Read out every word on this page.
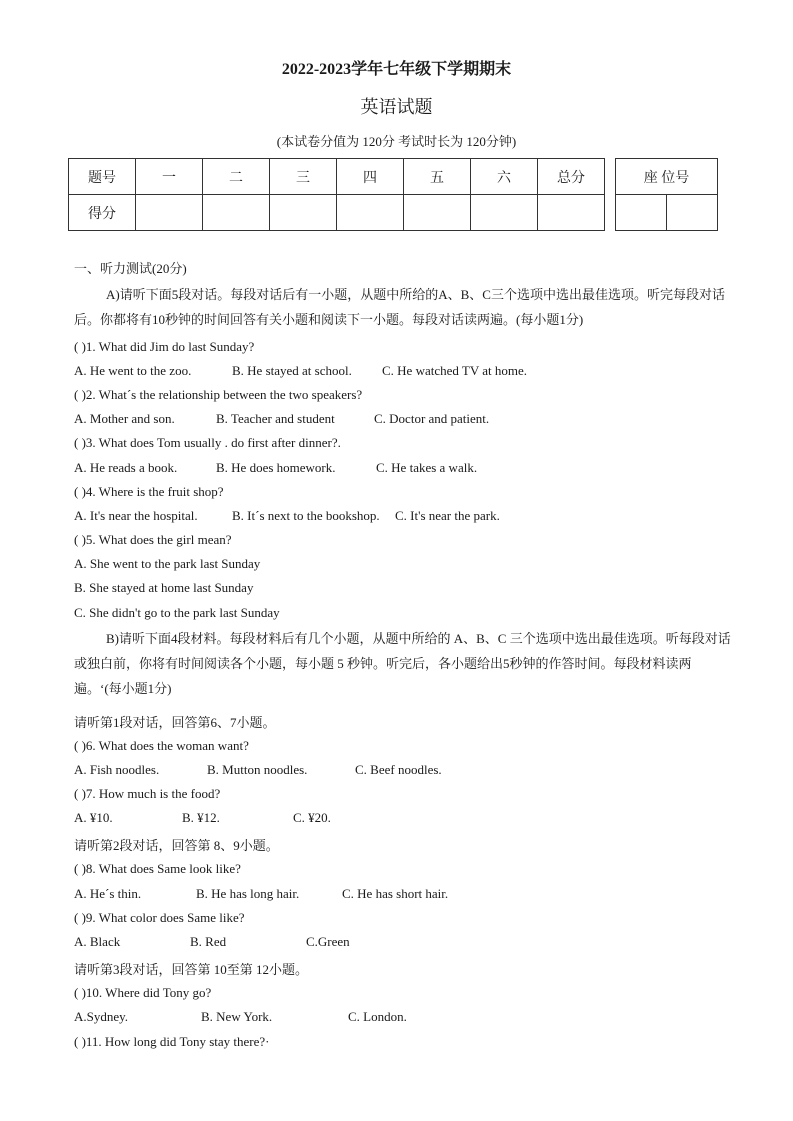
2022-2023学年七年级下学期期末
英语试题
(本试卷分值为 120分 考试时长为 120分钟)
题号	一	二	三	四	五	六	总分
得分							
座 位号

一、听力测试(20分)
A)请听下面5段对话。每段对话后有一小题，从题中所给的A、B、C三个选项中选出最佳选项。听完每段对话后。你都将有10秒钟的时间回答有关小题和阅读下一小题。每段对话读两遍。(每小题1分)
( )1. What did Jim do last Sunday?
A. He went to the zoo.	B. He stayed at school. C. He watched TV at home.
( )2. What´s the relationship between the two speakers?
A. Mother and son.	B. Teacher and student	C. Doctor and patient.
( )3. What does Tom usually . do first after dinner?.
A. He reads a book.	B. He does homework.	C. He takes a walk.
( )4. Where is the fruit shop?
A. It's near the hospital.	B. It´s next to the bookshop. C. It's near the park.
( )5. What does the girl mean?
A. She went to the park last Sunday
B. She stayed at home last Sunday
C. She didn't go to the park last Sunday
B)请听下面4段材料。每段材料后有几个小题，从题中所给的 A、B、C 三个选项中选出最佳选项。听每段对话或独白前，你将有时间阅读各个小题，每小题 5 秒钟。听完后，各小题给出5秒钟的作答时间。每段材料读两遍。‘(每小题1分)
请听第1段对话，回答第6、7小题。
( )6. What does the woman want?
A. Fish noodles.	B. Mutton noodles.	C. Beef noodles.
( )7. How much is the food?
A. ¥10.	B. ¥12.	C. ¥20.
请听第2段对话，回答第 8、9小题。
( )8. What does Same look like?
A. He´s thin.	B. He has long hair.	C. He has short hair.
( )9. What color does Same like?
A. Black	B. Red	C.Green
请听第3段对话，回答第 10至第 12小题。
( )10. Where did Tony go?
A.Sydney.	B. New York.	C. London.
( )11. How long did Tony stay there?·
